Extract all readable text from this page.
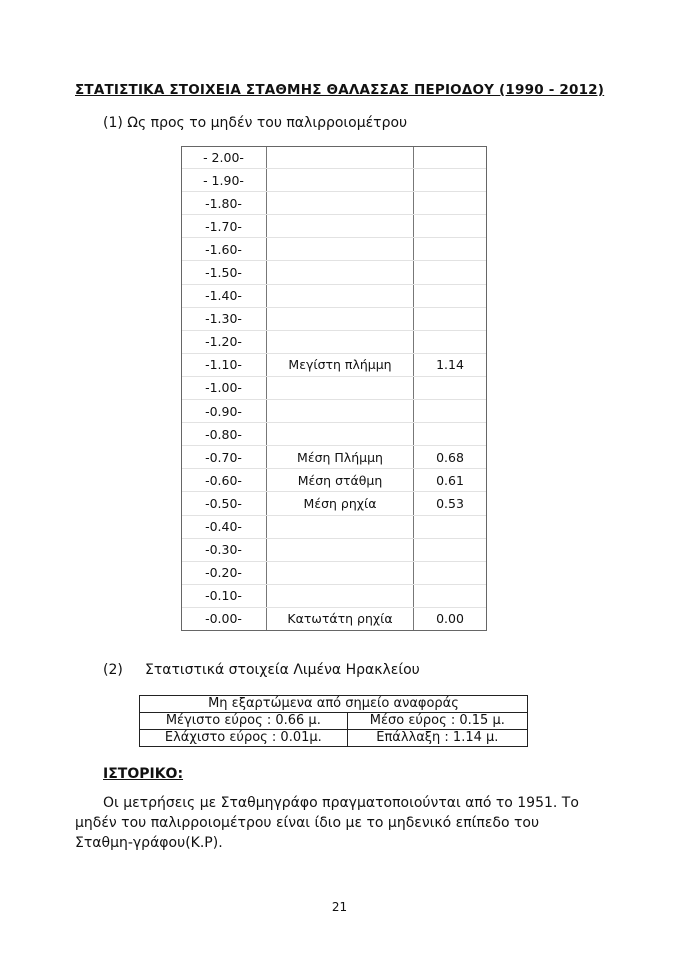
ΣΤΑΤΙΣΤΙΚΑ ΣΤΟΙΧΕΙΑ ΣΤΑΘΜΗΣ ΘΑΛΑΣΣΑΣ ΠΕΡΙΟΔΟΥ (1990 - 2012)
(1) Ως προς το μηδέν του παλιρροιομέτρου
- 2.00-		
- 1.90-		
-1.80-		
-1.70-		
-1.60-		
-1.50-		
-1.40-		
-1.30-		
-1.20-		
-1.10-	Μεγίστη πλήμμη	1.14
-1.00-		
-0.90-		
-0.80-		
-0.70-	Μέση Πλήμμη	0.68
-0.60-	Μέση στάθμη	0.61
-0.50-	Μέση ρηχία	0.53
-0.40-		
-0.30-		
-0.20-		
-0.10-		
-0.00-	Κατωτάτη ρηχία	0.00
(2) Στατιστικά στοιχεία Λιμένα Ηρακλείου
Μη εξαρτώμενα από σημείο αναφοράς	
Μέγιστο εύρος : 0.66 μ.	Μέσο εύρος : 0.15 μ.
Ελάχιστο εύρος : 0.01μ.	Επάλλαξη : 1.14 μ.
ΙΣΤΟΡΙΚΟ:
Οι μετρήσεις με Σταθμηγράφο πραγματοποιούνται από το 1951. Το μηδέν του παλιρροιομέτρου είναι ίδιο με το μηδενικό επίπεδο του Σταθμη-γράφου(Κ.Ρ).
21
